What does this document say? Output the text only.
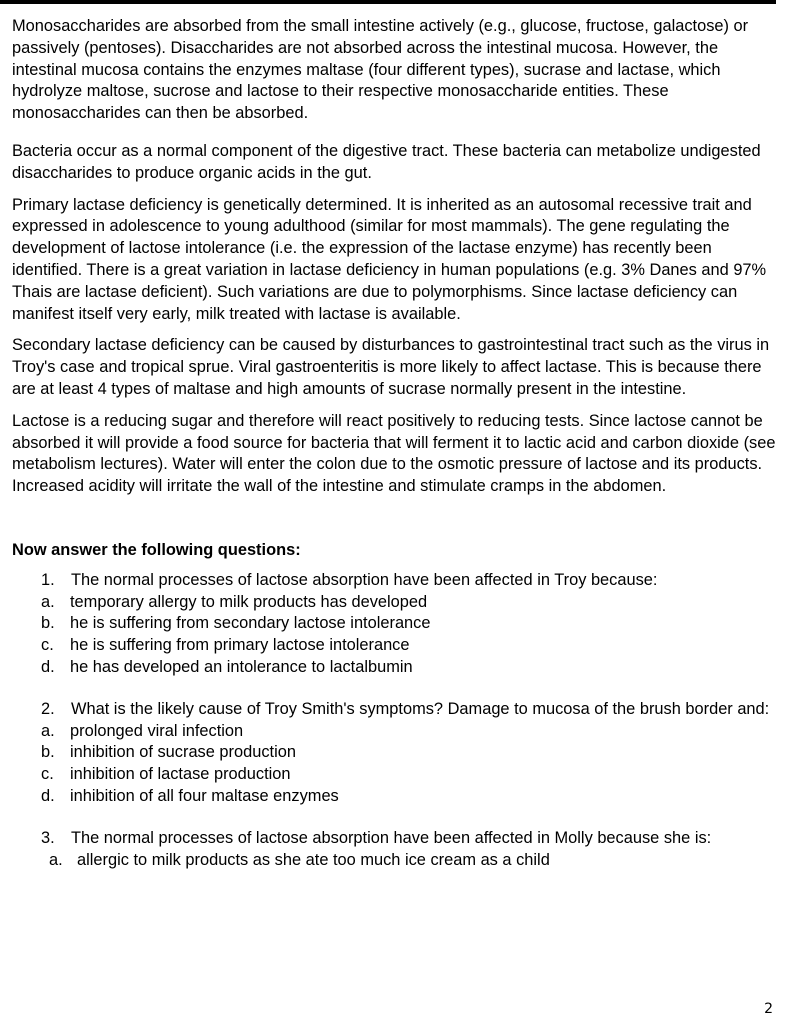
Monosaccharides are absorbed from the small intestine actively (e.g., glucose, fructose, galactose) or passively (pentoses). Disaccharides are not absorbed across the intestinal mucosa. However, the intestinal mucosa contains the enzymes maltase (four different types), sucrase and lactase, which hydrolyze maltose, sucrose and lactose to their respective monosaccharide entities. These monosaccharides can then be absorbed.

Bacteria occur as a normal component of the digestive tract. These bacteria can metabolize undigested disaccharides to produce organic acids in the gut.

Primary lactase deficiency is genetically determined. It is inherited as an autosomal recessive trait and expressed in adolescence to young adulthood (similar for most mammals). The gene regulating the development of lactose intolerance (i.e. the expression of the lactase enzyme) has recently been identified. There is a great variation in lactase deficiency in human populations (e.g. 3% Danes and 97% Thais are lactase deficient). Such variations are due to polymorphisms. Since lactase deficiency can manifest itself very early, milk treated with lactase is available.

Secondary lactase deficiency can be caused by disturbances to gastrointestinal tract such as the virus in Troy's case and tropical sprue. Viral gastroenteritis is more likely to affect lactase. This is because there are at least 4 types of maltase and high amounts of sucrase normally present in the intestine.

Lactose is a reducing sugar and therefore will react positively to reducing tests. Since lactose cannot be absorbed it will provide a food source for bacteria that will ferment it to lactic acid and carbon dioxide (see metabolism lectures). Water will enter the colon due to the osmotic pressure of lactose and its products. Increased acidity will irritate the wall of the intestine and stimulate cramps in the abdomen.

Now answer the following questions:
1. The normal processes of lactose absorption have been affected in Troy because:
a. temporary allergy to milk products has developed
b. he is suffering from secondary lactose intolerance
c. he is suffering from primary lactose intolerance
d. he has developed an intolerance to lactalbumin
2. What is the likely cause of Troy Smith's symptoms? Damage to mucosa of the brush border and:
a. prolonged viral infection
b. inhibition of sucrase production
c. inhibition of lactase production
d. inhibition of all four maltase enzymes
3. The normal processes of lactose absorption have been affected in Molly because she is:
a. allergic to milk products as she ate too much ice cream as a child
2
